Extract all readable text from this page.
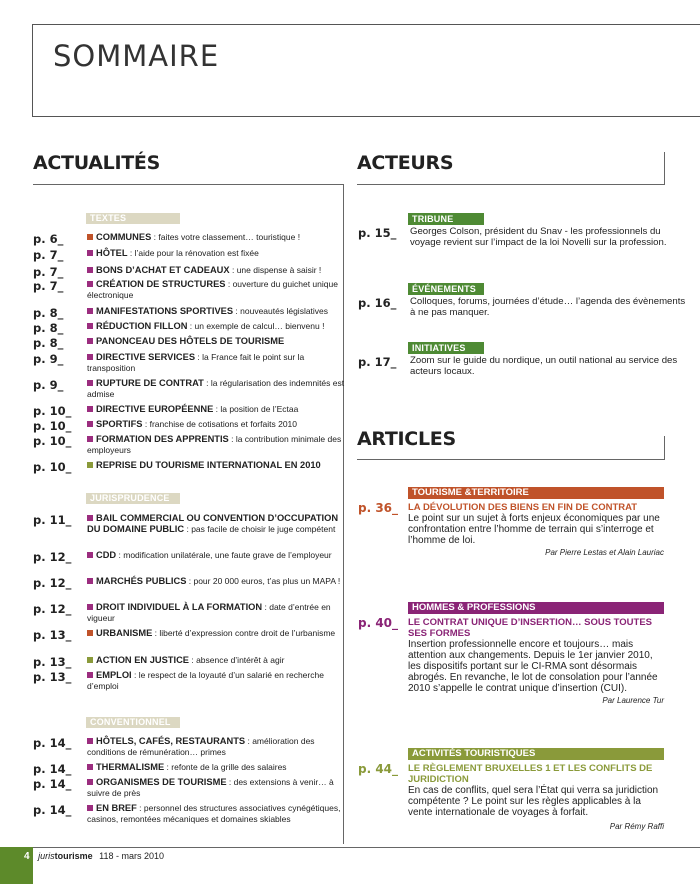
SOMMAIRE
ACTUALITÉS
TEXTES
p. 6_	COMMUNES : faites votre classement… touristique !
p. 7_	HÔTEL : l’aide pour la rénovation est fixée
p. 7_	BONS D’ACHAT ET CADEAUX : une dispense à saisir !
p. 7_	CRÉATION DE STRUCTURES : ouverture du guichet unique électronique
p. 8_	MANIFESTATIONS SPORTIVES : nouveautés législatives
p. 8_	RÉDUCTION FILLON : un exemple de calcul… bienvenu !
p. 8_	PANONCEAU DES HÔTELS DE TOURISME
p. 9_	DIRECTIVE SERVICES : la France fait le point sur la transposition
p. 9_	RUPTURE DE CONTRAT : la régularisation des indemnités est admise
p. 10_	DIRECTIVE EUROPÉENNE : la position de l’Ectaa
p. 10_	SPORTIFS : franchise de cotisations et forfaits 2010
p. 10_	FORMATION DES APPRENTIS : la contribution minimale des employeurs
p. 10_	REPRISE DU TOURISME INTERNATIONAL EN 2010
JURISPRUDENCE
p. 11_	BAIL COMMERCIAL OU CONVENTION D’OCCUPATION DU DOMAINE PUBLIC : pas facile de choisir le juge compétent
p. 12_	CDD : modification unilatérale, une faute grave de l’employeur
p. 12_	MARCHÉS PUBLICS : pour 20 000 euros, t’as plus un MAPA !
p. 12_	DROIT INDIVIDUEL À LA FORMATION : date d’entrée en vigueur
p. 13_	URBANISME : liberté d’expression contre droit de l’urbanisme
p. 13_	ACTION EN JUSTICE : absence d’intérêt à agir
p. 13_	EMPLOI : le respect de la loyauté d’un salarié en recherche d’emploi
CONVENTIONNEL
p. 14_	HÔTELS, CAFÉS, RESTAURANTS : amélioration des conditions de rémunération… primes
p. 14_	THERMALISME : refonte de la grille des salaires
p. 14_	ORGANISMES DE TOURISME : des extensions à venir… à suivre de près
p. 14_	EN BREF : personnel des structures associatives cynégétiques, casinos, remontées mécaniques et domaines skiables
ACTEURS
TRIBUNE
p. 15_ Georges Colson, président du Snav - les professionnels du voyage revient sur l’impact de la loi Novelli sur la profession.
ÉVÉNEMENTS
p. 16_ Colloques, forums, journées d’étude… l’agenda des évènements à ne pas manquer.
INITIATIVES
p. 17_ Zoom sur le guide du nordique, un outil national au service des acteurs locaux.
ARTICLES
TOURISME &TERRITOIRE
p. 36_ LA DÉVOLUTION DES BIENS EN FIN DE CONTRAT
Le point sur un sujet à forts enjeux économiques par une confrontation entre l’homme de terrain qui s’interroge et l’homme de loi.
Par Pierre Lestas et Alain Lauriac
HOMMES & PROFESSIONS
p. 40_ LE CONTRAT UNIQUE D’INSERTION… SOUS TOUTES SES FORMES
Insertion professionnelle encore et toujours… mais attention aux changements. Depuis le 1er janvier 2010, les dispositifs portant sur le CI-RMA sont désormais abrogés. En revanche, le lot de consolation pour l’année 2010 s’appelle le contrat unique d’insertion (CUI).
Par Laurence Tur
ACTIVITÉS TOURISTIQUES
p. 44_ LE RÈGLEMENT BRUXELLES 1 ET LES CONFLITS DE JURIDICTION
En cas de conflits, quel sera l’État qui verra sa juridiction compétente ? Le point sur les règles applicables à la vente internationale de voyages à forfait.
Par Rémy Raffi
4 juristourisme 118 - mars 2010
